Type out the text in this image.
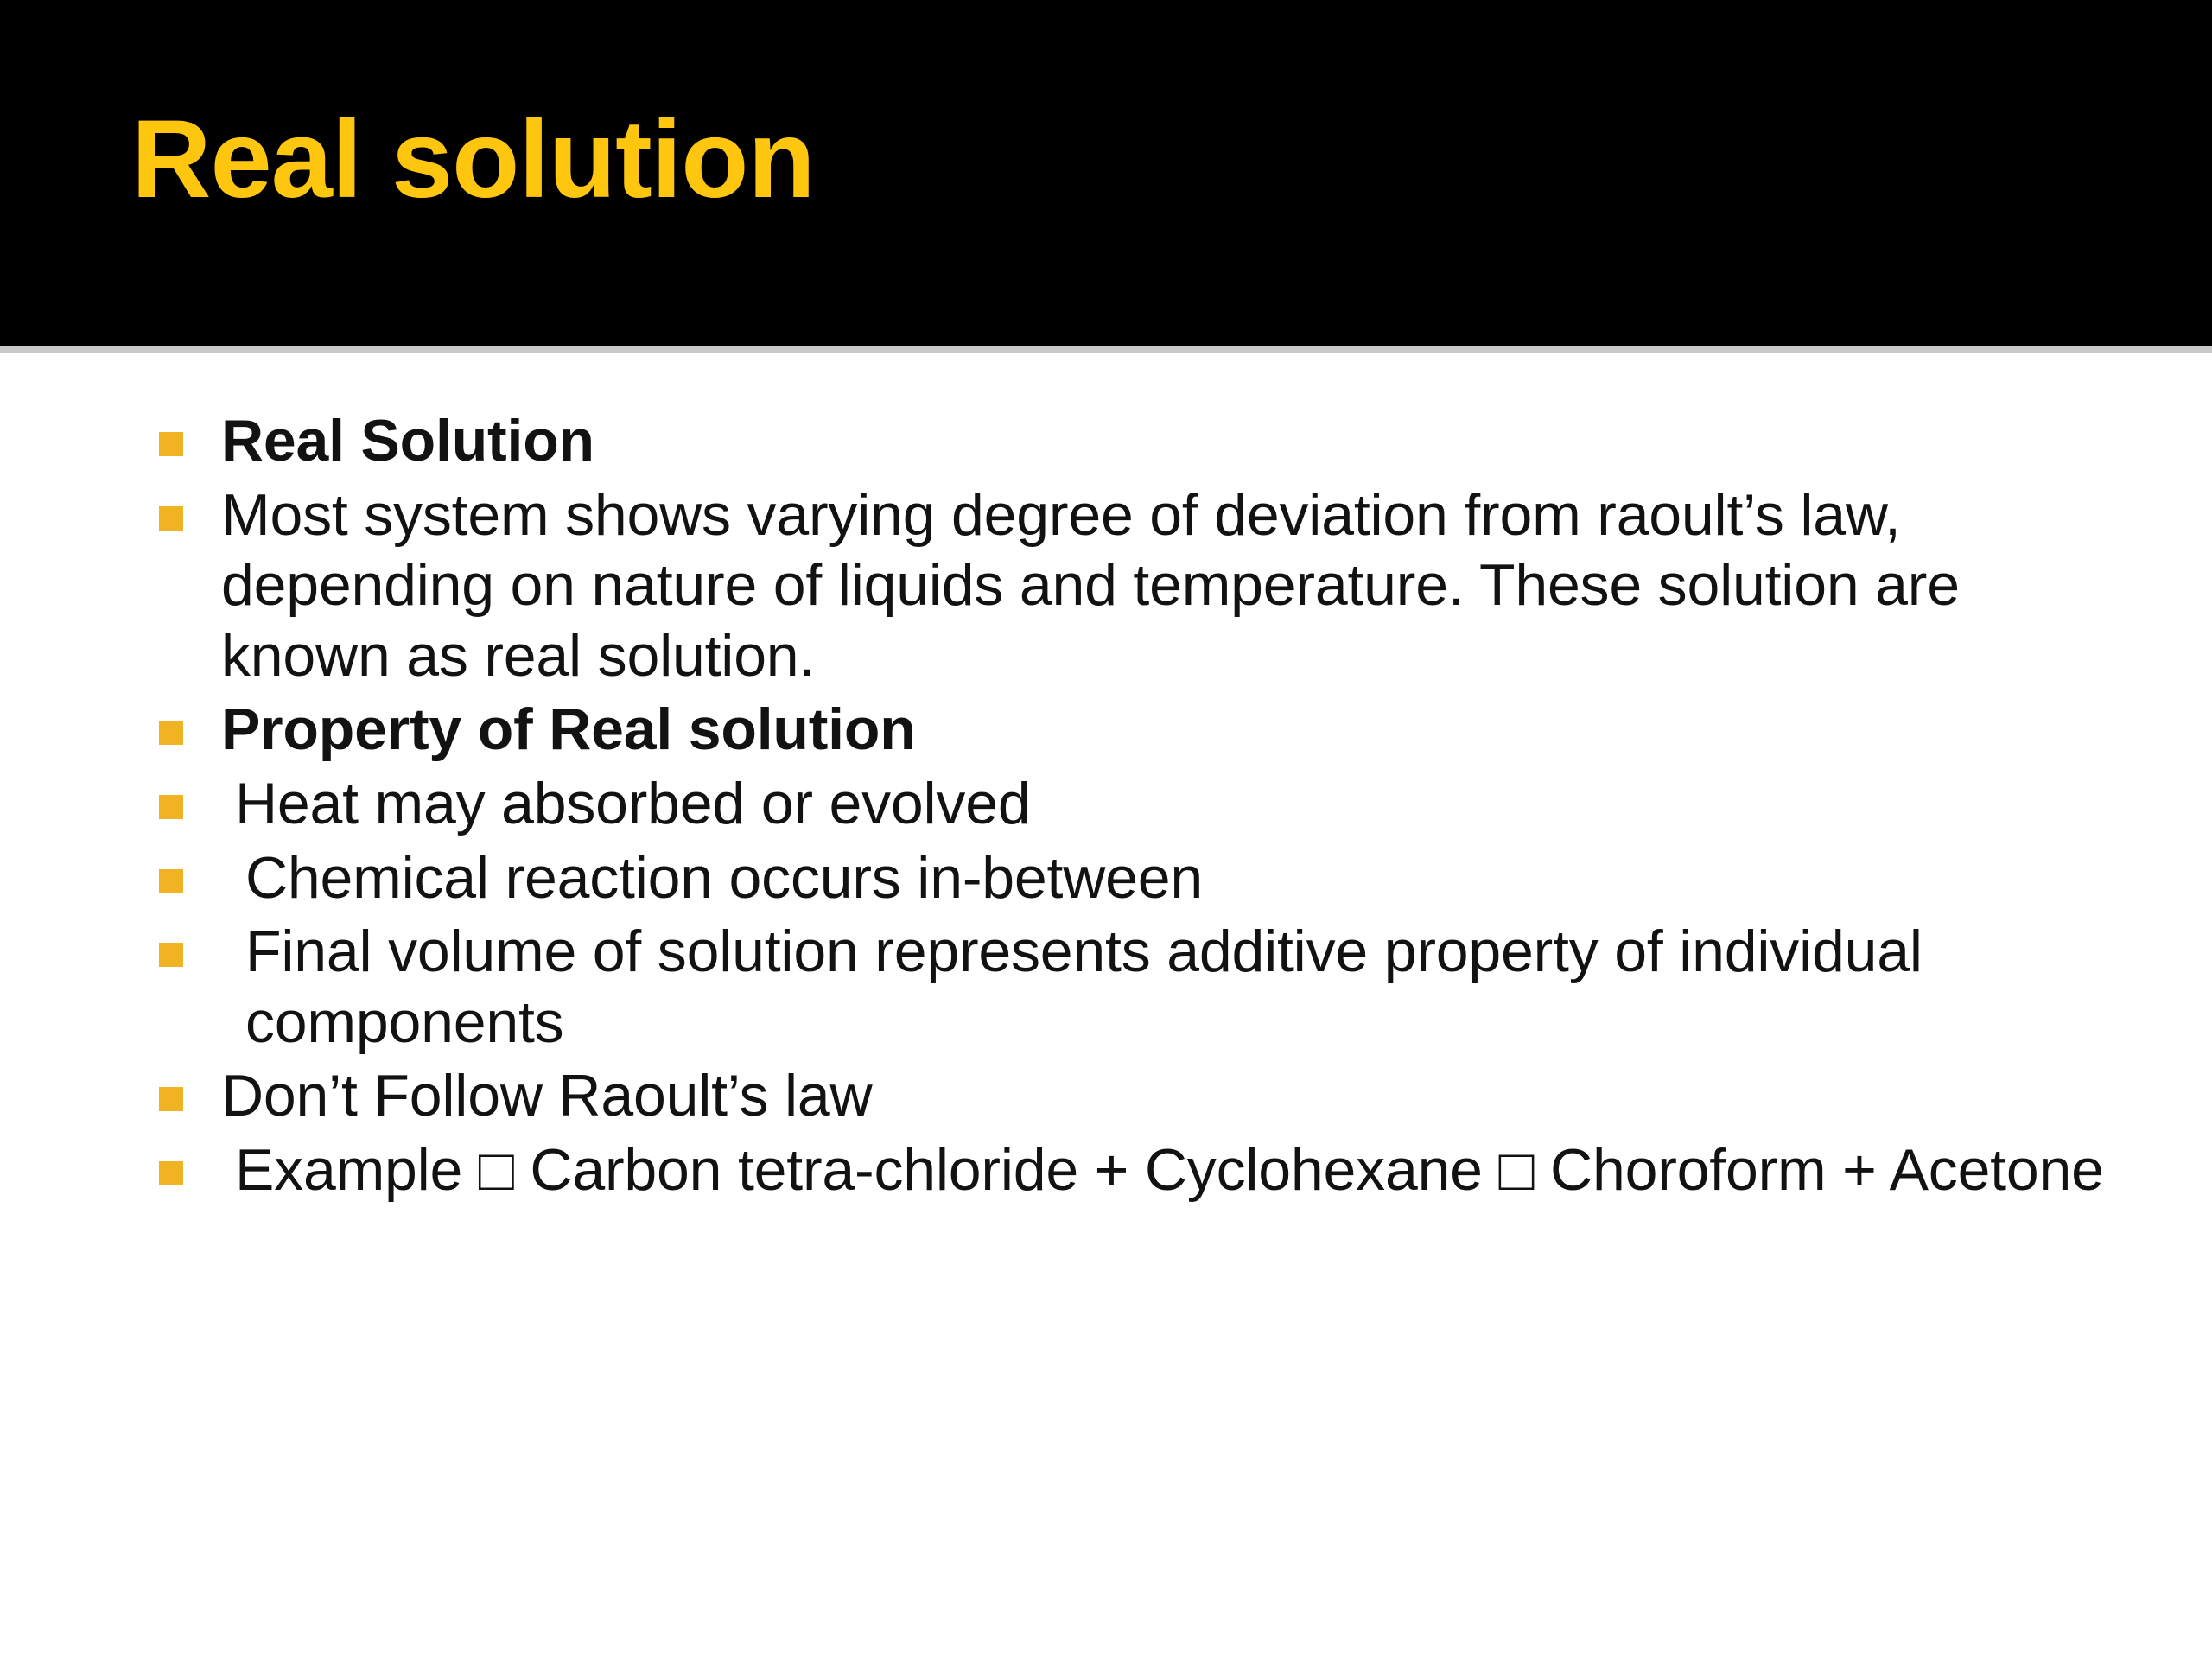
Real solution
Real Solution
Most system shows varying degree of deviation from raoult’s law, depending on nature of liquids and temperature. These solution are known as real solution.
Property of Real solution
Heat may absorbed or evolved
Chemical reaction occurs in-between
Final volume of solution represents additive property of individual components
Don’t Follow Raoult’s law
Example □ Carbon tetra-chloride + Cyclohexane □ Choroform + Acetone
